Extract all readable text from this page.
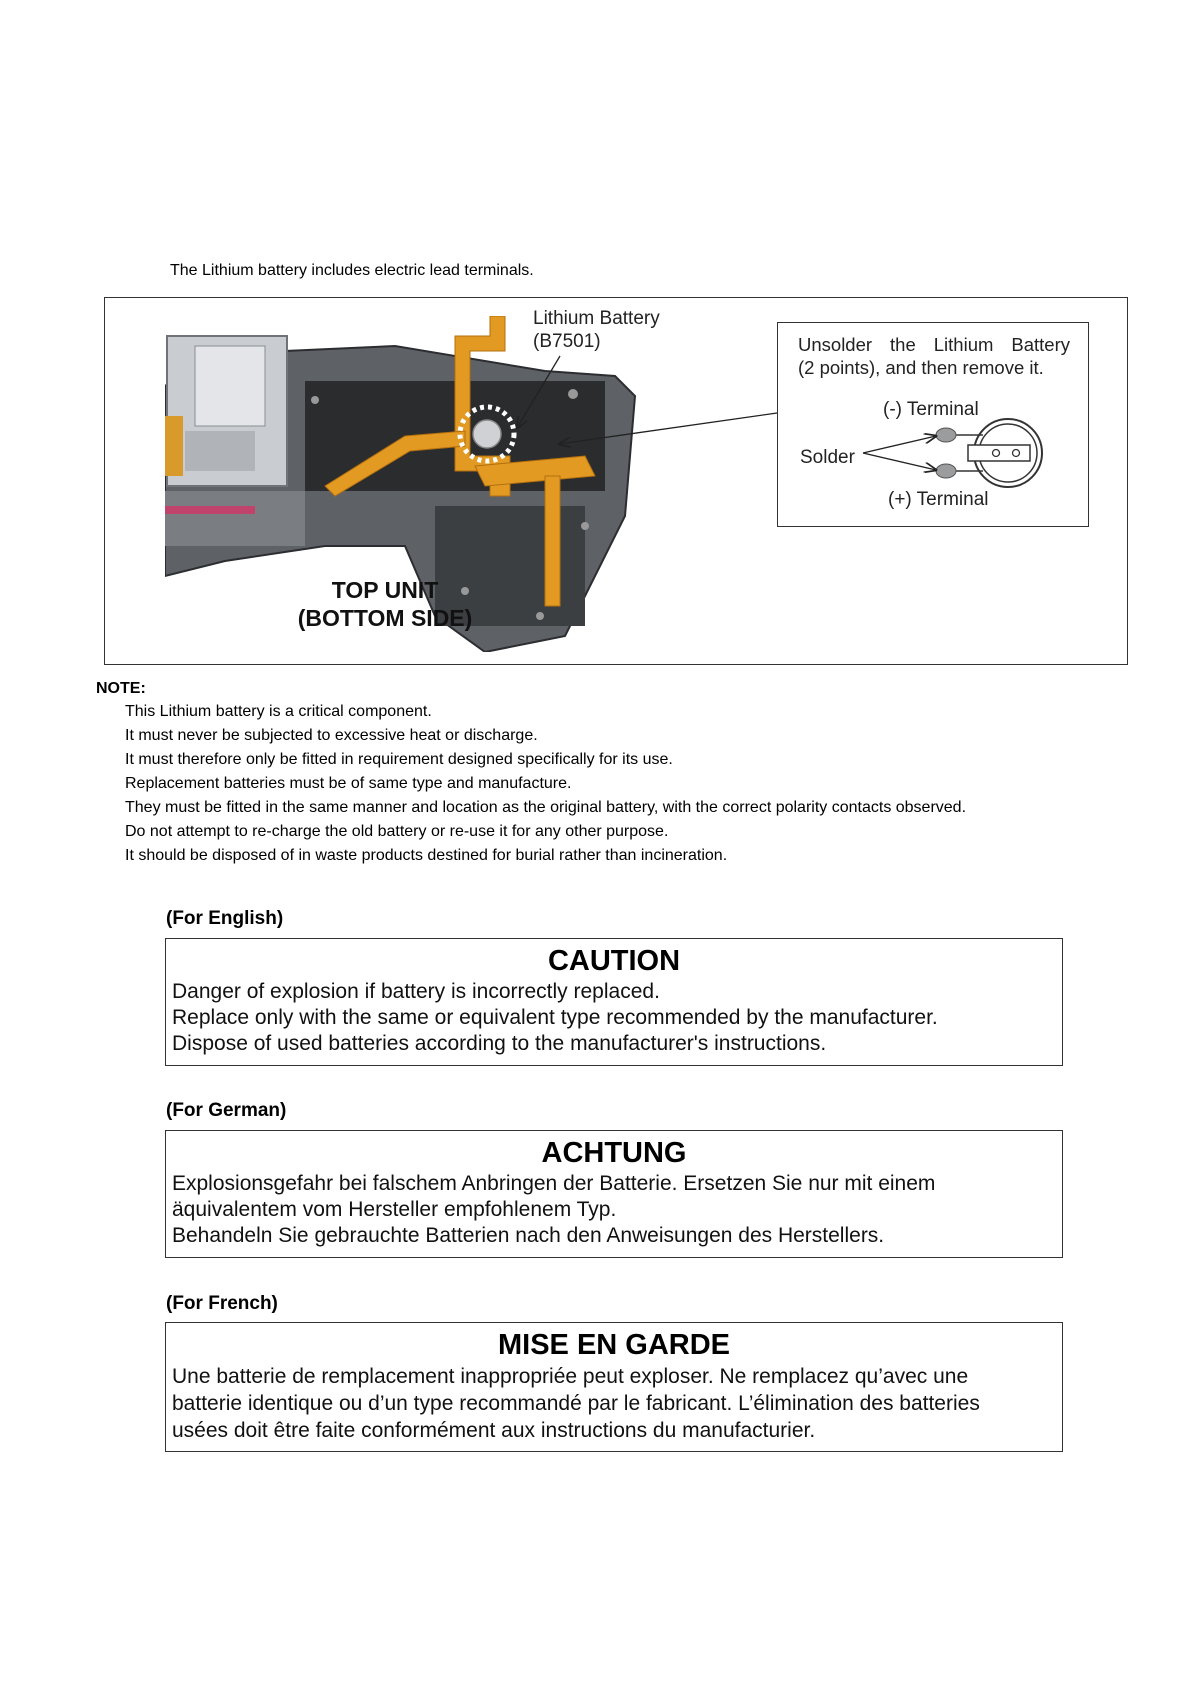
The Lithium battery includes electric lead terminals.
Lithium Battery
(B7501)
TOP UNIT
(BOTTOM SIDE)
Unsolder the Lithium Battery
(2 points), and then remove it.
(-) Terminal
Solder
(+) Terminal
NOTE:
This Lithium battery is a critical component.
It must never be subjected to excessive heat or discharge.
It must therefore only be fitted in requirement designed specifically for its use.
Replacement batteries must be of same type and manufacture.
They must be fitted in the same manner and location as the original battery, with the correct polarity contacts observed.
Do not attempt to re-charge the old battery or re-use it for any other purpose.
It should be disposed of in waste products destined for burial rather than incineration.
(For English)
CAUTION
Danger of explosion if battery is incorrectly replaced.
Replace only with the same or equivalent type recommended by the manufacturer.
Dispose of used batteries according to the manufacturer's instructions.
(For German)
ACHTUNG
Explosionsgefahr bei falschem Anbringen der Batterie. Ersetzen Sie nur mit einem
äquivalentem vom Hersteller empfohlenem Typ.
Behandeln Sie gebrauchte Batterien nach den Anweisungen des Herstellers.
(For French)
MISE EN GARDE
Une batterie de remplacement inappropriée peut exploser. Ne remplacez qu’avec une
batterie identique ou d’un type recommandé par le fabricant. L’élimination des batteries
usées doit être faite conformément aux instructions du manufacturier.
